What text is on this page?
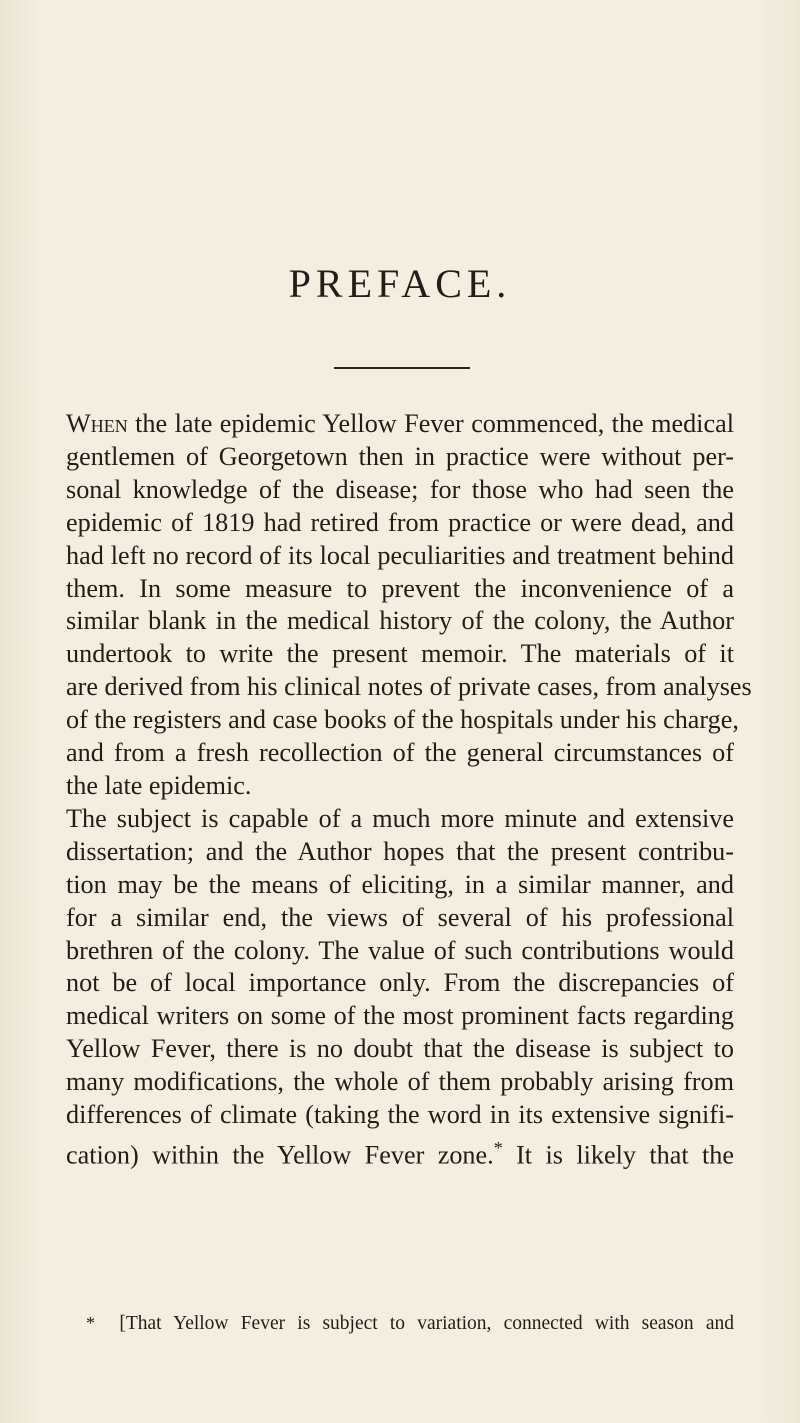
PREFACE.
When the late epidemic Yellow Fever commenced, the medical
gentlemen of Georgetown then in practice were without per-
sonal knowledge of the disease; for those who had seen the
epidemic of 1819 had retired from practice or were dead, and
had left no record of its local peculiarities and treatment behind
them. In some measure to prevent the inconvenience of a
similar blank in the medical history of the colony, the Author
undertook to write the present memoir. The materials of it
are derived from his clinical notes of private cases, from analyses
of the registers and case books of the hospitals under his charge,
and from a fresh recollection of the general circumstances of
the late epidemic.
The subject is capable of a much more minute and extensive
dissertation; and the Author hopes that the present contribu-
tion may be the means of eliciting, in a similar manner, and
for a similar end, the views of several of his professional
brethren of the colony. The value of such contributions would
not be of local importance only. From the discrepancies of
medical writers on some of the most prominent facts regarding
Yellow Fever, there is no doubt that the disease is subject to
many modifications, the whole of them probably arising from
differences of climate (taking the word in its extensive signifi-
cation) within the Yellow Fever zone.* It is likely that the
* [That Yellow Fever is subject to variation, connected with season and
